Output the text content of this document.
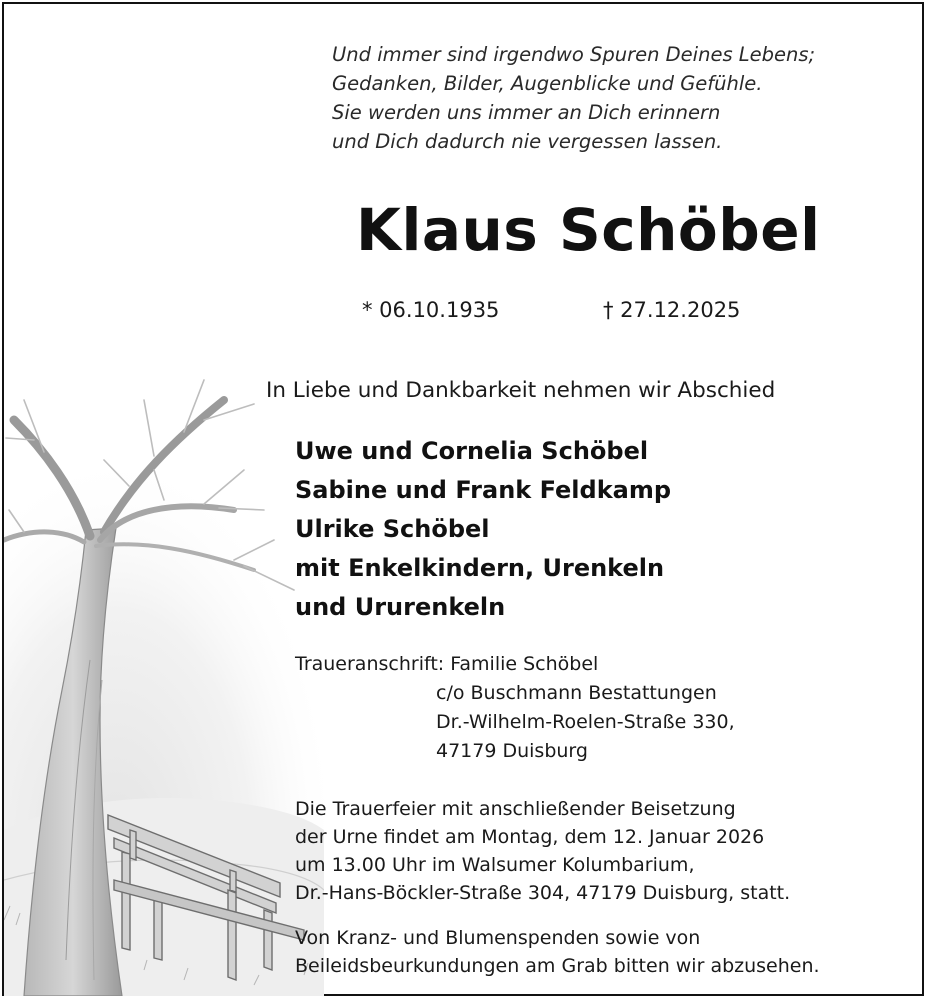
Und immer sind irgendwo Spuren Deines Lebens;
Gedanken, Bilder, Augenblicke und Gefühle.
Sie werden uns immer an Dich erinnern
und Dich dadurch nie vergessen lassen.
Klaus Schöbel
* 06.10.1935	† 27.12.2025
In Liebe und Dankbarkeit nehmen wir Abschied
Uwe und Cornelia Schöbel
Sabine und Frank Feldkamp
Ulrike Schöbel
mit Enkelkindern, Urenkeln
und Ururenkeln
Traueranschrift: Familie Schöbel
c/o Buschmann Bestattungen
Dr.-Wilhelm-Roelen-Straße 330,
47179 Duisburg
Die Trauerfeier mit anschließender Beisetzung
der Urne findet am Montag, dem 12. Januar 2026
um 13.00 Uhr im Walsumer Kolumbarium,
Dr.-Hans-Böckler-Straße 304, 47179 Duisburg, statt.
Von Kranz- und Blumenspenden sowie von
Beileidsbeurkundungen am Grab bitten wir abzusehen.
